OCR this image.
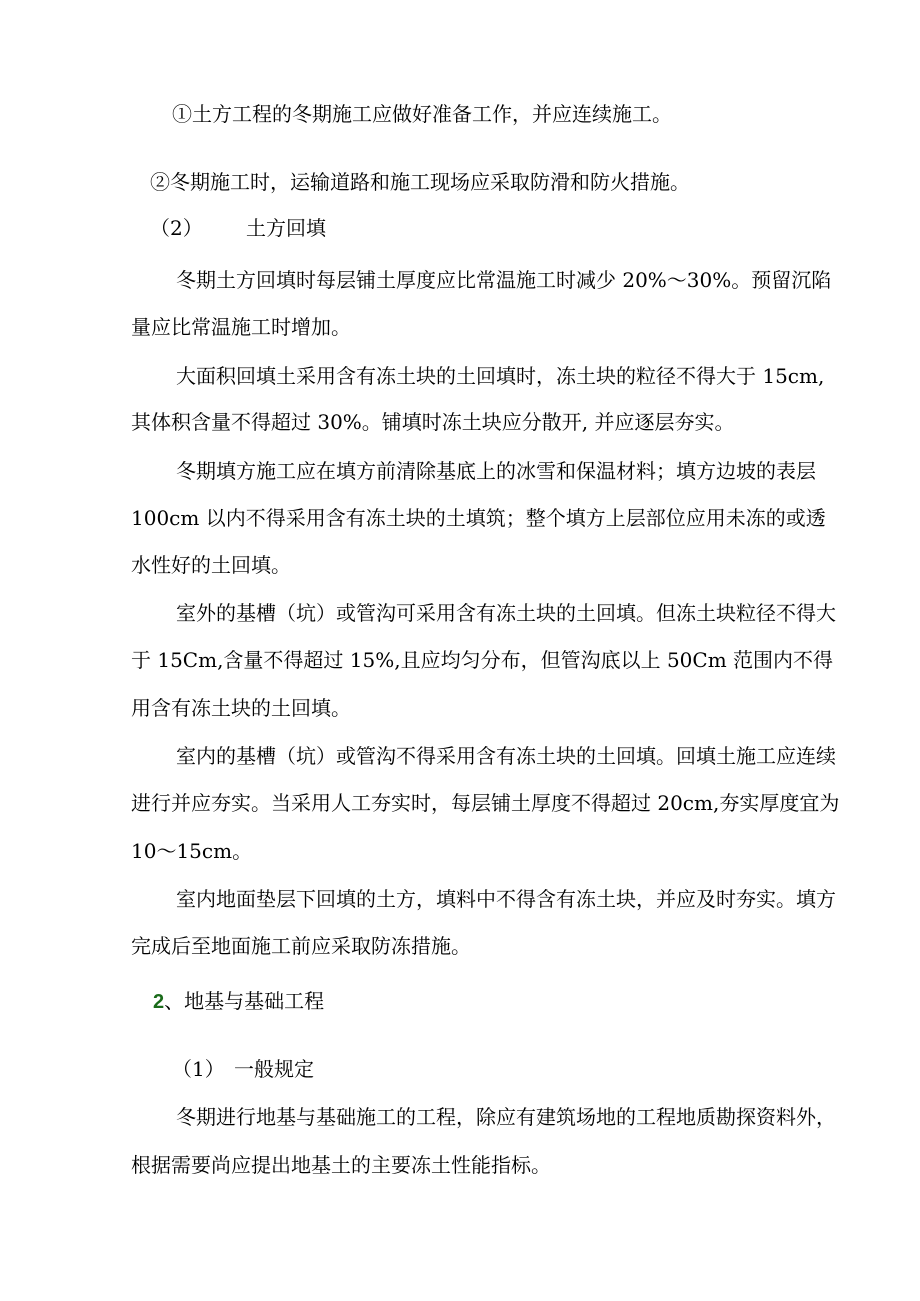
①土方工程的冬期施工应做好准备工作，并应连续施工。
②冬期施工时，运输道路和施工现场应采取防滑和防火措施。
（2） 土方回填
冬期土方回填时每层铺土厚度应比常温施工时减少 20%～30%。预留沉陷
量应比常温施工时增加。
大面积回填土采用含有冻土块的土回填时，冻土块的粒径不得大于 15cm,
其体积含量不得超过 30%。铺填时冻土块应分散开, 并应逐层夯实。
冬期填方施工应在填方前清除基底上的冰雪和保温材料；填方边坡的表层
100cm 以内不得采用含有冻土块的土填筑；整个填方上层部位应用未冻的或透
水性好的土回填。
室外的基槽（坑）或管沟可采用含有冻土块的土回填。但冻土块粒径不得大
于 15Cm,含量不得超过 15%,且应均匀分布，但管沟底以上 50Cm 范围内不得
用含有冻土块的土回填。
室内的基槽（坑）或管沟不得采用含有冻土块的土回填。回填土施工应连续
进行并应夯实。当采用人工夯实时，每层铺土厚度不得超过 20cm,夯实厚度宜为
10～15cm。
室内地面垫层下回填的土方，填料中不得含有冻土块，并应及时夯实。填方
完成后至地面施工前应采取防冻措施。
2、地基与基础工程
（1） 一般规定
冬期进行地基与基础施工的工程，除应有建筑场地的工程地质勘探资料外，
根据需要尚应提出地基土的主要冻土性能指标。
